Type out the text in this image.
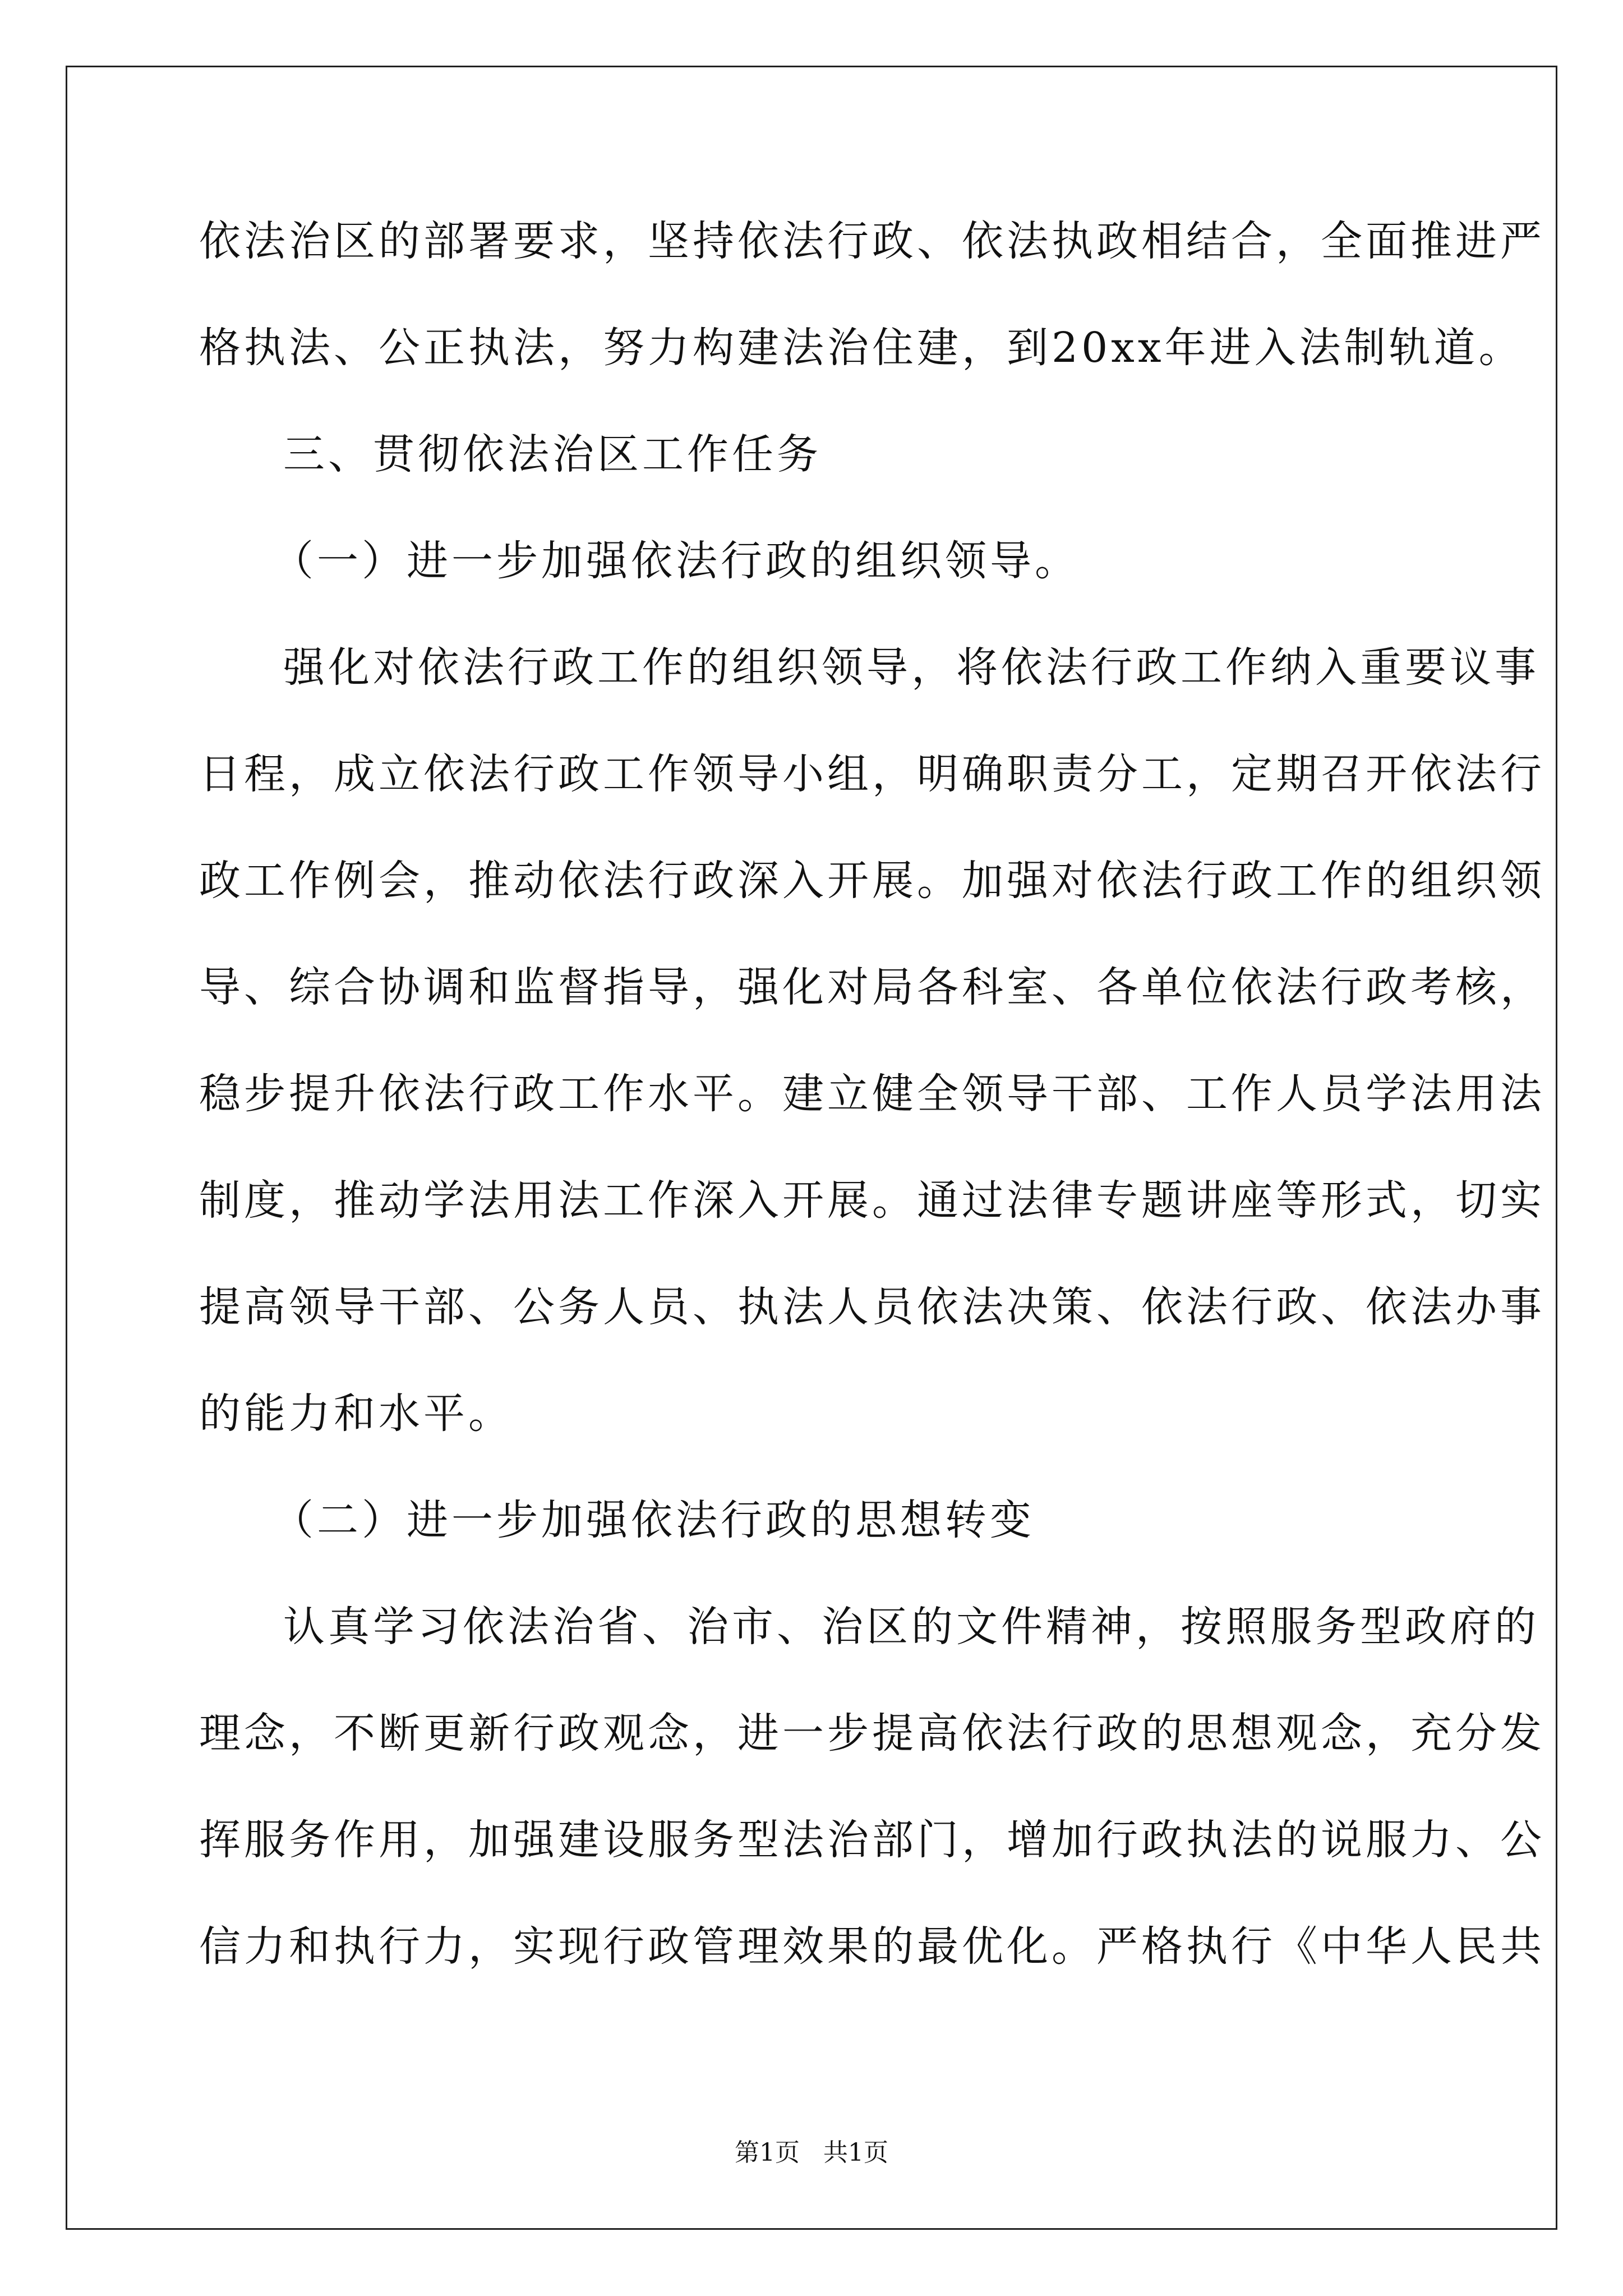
依法治区的部署要求，坚持依法行政、依法执政相结合，全面推进严

格执法、公正执法，努力构建法治住建，到20xx年进入法制轨道。

三、贯彻依法治区工作任务

（一）进一步加强依法行政的组织领导。

强化对依法行政工作的组织领导，将依法行政工作纳入重要议事

日程，成立依法行政工作领导小组，明确职责分工，定期召开依法行

政工作例会，推动依法行政深入开展。加强对依法行政工作的组织领

导、综合协调和监督指导，强化对局各科室、各单位依法行政考核，

稳步提升依法行政工作水平。建立健全领导干部、工作人员学法用法

制度，推动学法用法工作深入开展。通过法律专题讲座等形式，切实

提高领导干部、公务人员、执法人员依法决策、依法行政、依法办事

的能力和水平。

（二）进一步加强依法行政的思想转变

认真学习依法治省、治市、治区的文件精神，按照服务型政府的

理念，不断更新行政观念，进一步提高依法行政的思想观念，充分发

挥服务作用，加强建设服务型法治部门，增加行政执法的说服力、公

信力和执行力，实现行政管理效果的最优化。严格执行《中华人民共

第1页   共1页
